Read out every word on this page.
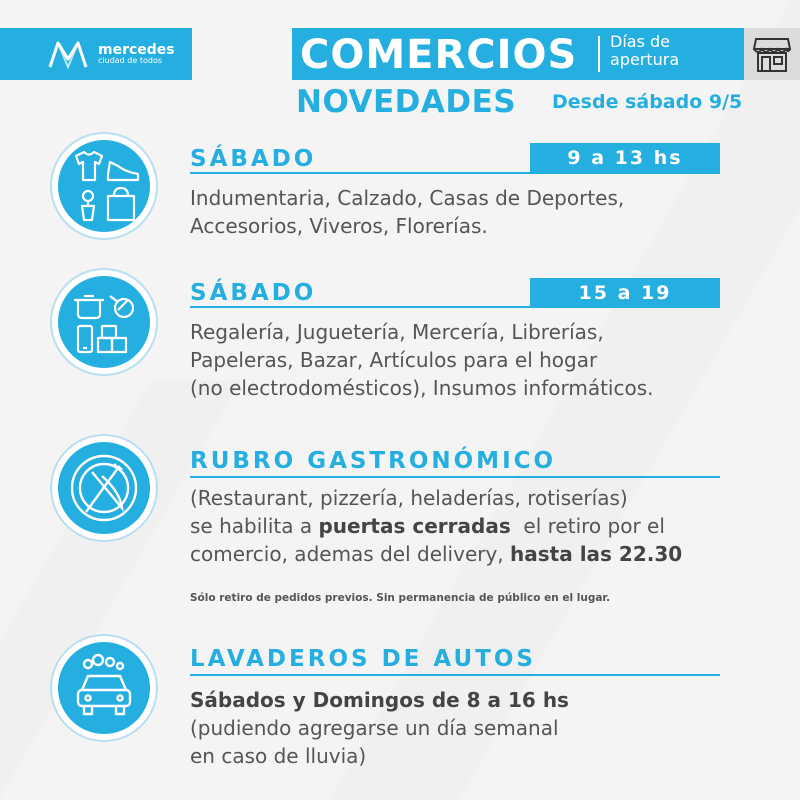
mercedes
ciudad de todos	COMERCIOS Días de apertura
NOVEDADES Desde sábado 9/5
SÁBADO	9 a 13 hs
Indumentaria, Calzado, Casas de Deportes,
Accesorios, Viveros, Florerías.
SÁBADO	15 a 19
Regalería, Juguetería, Mercería, Librerías,
Papeleras, Bazar, Artículos para el hogar
(no electrodomésticos), Insumos informáticos.
RUBRO GASTRONÓMICO
(Restaurant, pizzería, heladerías, rotiserías)
se habilita a puertas cerradas  el retiro por el
comercio, ademas del delivery, hasta las 22.30
Sólo retiro de pedidos previos. Sin permanencia de público en el lugar.
LAVADEROS DE AUTOS
Sábados y Domingos de 8 a 16 hs
(pudiendo agregarse un día semanal
en caso de lluvia)
